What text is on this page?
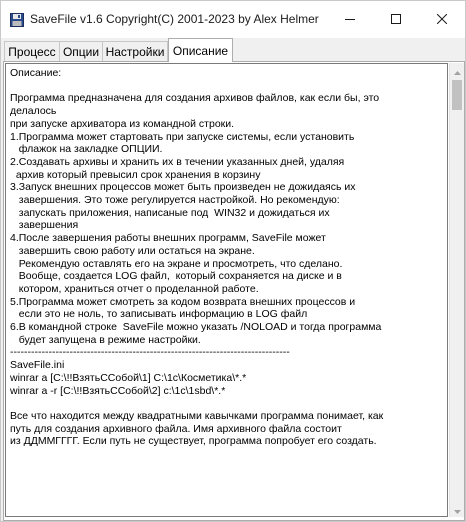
SaveFile v1.6 Copyright(C) 2001-2023 by Alex Helmer
Процесс Опции Настройки Описание
Описание:

Программа предназначена для создания архивов файлов, как если бы, это
делалось
при запуске архиватора из командной строки.
1.Программа может стартовать при запуске системы, если установить
флажок на закладке ОПЦИИ.
2.Создавать архивы и хранить их в течении указанных дней, удаляя
архив который превысил срок хранения в корзину
3.Запуск внешних процессов может быть произведен не дожидаясь их
завершения. Это тоже регулируется настройкой. Но рекомендую:
запускать приложения, написаные под  WIN32 и дожидаться их
завершения
4.После завершения работы внешних программ, SaveFile может
завершить свою работу или остаться на экране.
Рекомендую оставлять его на экране и просмотреть, что сделано.
Вообще, создается LOG файл,  который сохраняется на диске и в
котором, храниться отчет о проделанной работе.
5.Программа может смотреть за кодом возврата внешних процессов и
если это не ноль, то записывать информацию в LOG файл
6.В командной строке  SaveFile можно указать /NOLOAD и тогда программа
будет запущена в режиме настройки.
--------------------------------------------------------------------------------
SaveFile.ini
winrar a [C:\!!ВзятьССобой\1] C:\1c\Косметика\*.*
winrar a -r [C:\!!ВзятьССобой\2] c:\1c\1sbd\*.*

Все что находится между квадратными кавычками программа понимает, как
путь для создания архивного файла. Имя архивного файла состоит
из ДДММГГГГ. Если путь не существует, программа попробует его создать.
